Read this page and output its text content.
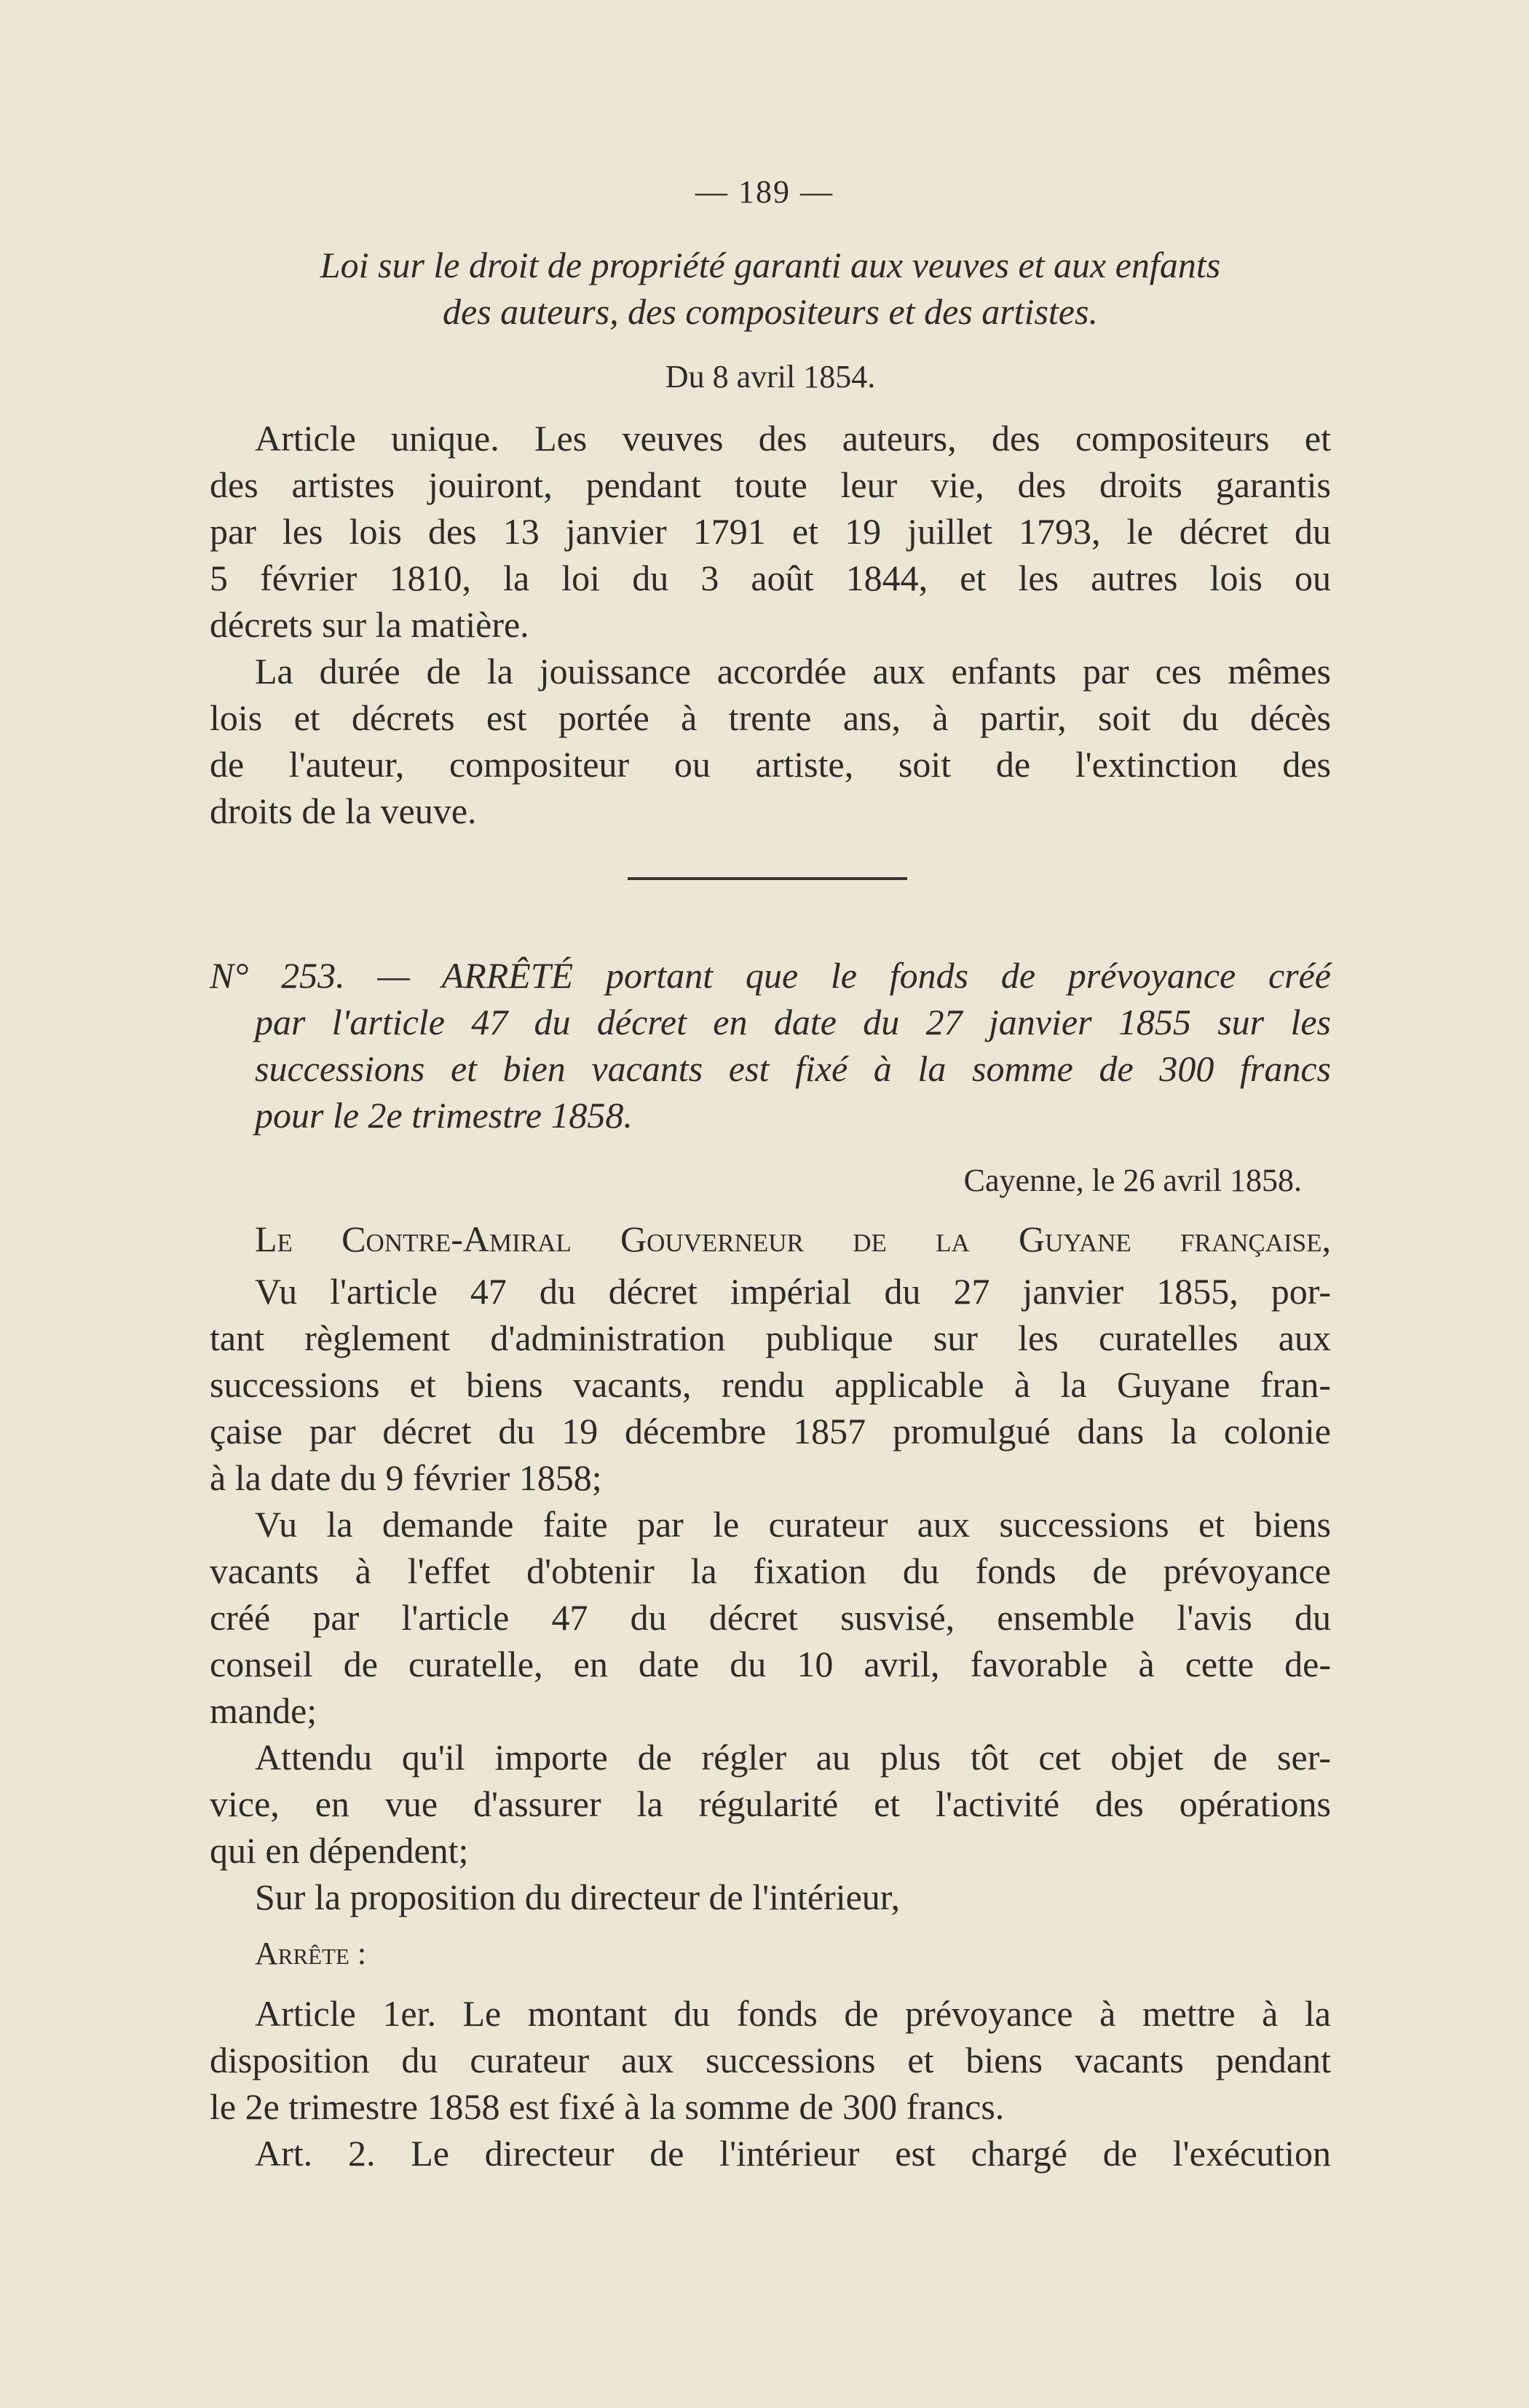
— 189 —
Loi sur le droit de propriété garanti aux veuves et aux enfants
des auteurs, des compositeurs et des artistes.
Du 8 avril 1854.
Article unique. Les veuves des auteurs, des compositeurs et
des artistes jouiront, pendant toute leur vie, des droits garantis
par les lois des 13 janvier 1791 et 19 juillet 1793, le décret du
5 février 1810, la loi du 3 août 1844, et les autres lois ou
décrets sur la matière.
La durée de la jouissance accordée aux enfants par ces mêmes
lois et décrets est portée à trente ans, à partir, soit du décès
de l'auteur, compositeur ou artiste, soit de l'extinction des
droits de la veuve.
N° 253. — ARRÊTÉ portant que le fonds de prévoyance créé
par l'article 47 du décret en date du 27 janvier 1855 sur les
successions et bien vacants est fixé à la somme de 300 francs
pour le 2e trimestre 1858.
Cayenne, le 26 avril 1858.
Le Contre-Amiral Gouverneur de la Guyane française,
Vu l'article 47 du décret impérial du 27 janvier 1855, por-
tant règlement d'administration publique sur les curatelles aux
successions et biens vacants, rendu applicable à la Guyane fran-
çaise par décret du 19 décembre 1857 promulgué dans la colonie
à la date du 9 février 1858;
Vu la demande faite par le curateur aux successions et biens
vacants à l'effet d'obtenir la fixation du fonds de prévoyance
créé par l'article 47 du décret susvisé, ensemble l'avis du
conseil de curatelle, en date du 10 avril, favorable à cette de-
mande;
Attendu qu'il importe de régler au plus tôt cet objet de ser-
vice, en vue d'assurer la régularité et l'activité des opérations
qui en dépendent;
Sur la proposition du directeur de l'intérieur,
Arrête :
Article 1er. Le montant du fonds de prévoyance à mettre à la
disposition du curateur aux successions et biens vacants pendant
le 2e trimestre 1858 est fixé à la somme de 300 francs.
Art. 2. Le directeur de l'intérieur est chargé de l'exécution
